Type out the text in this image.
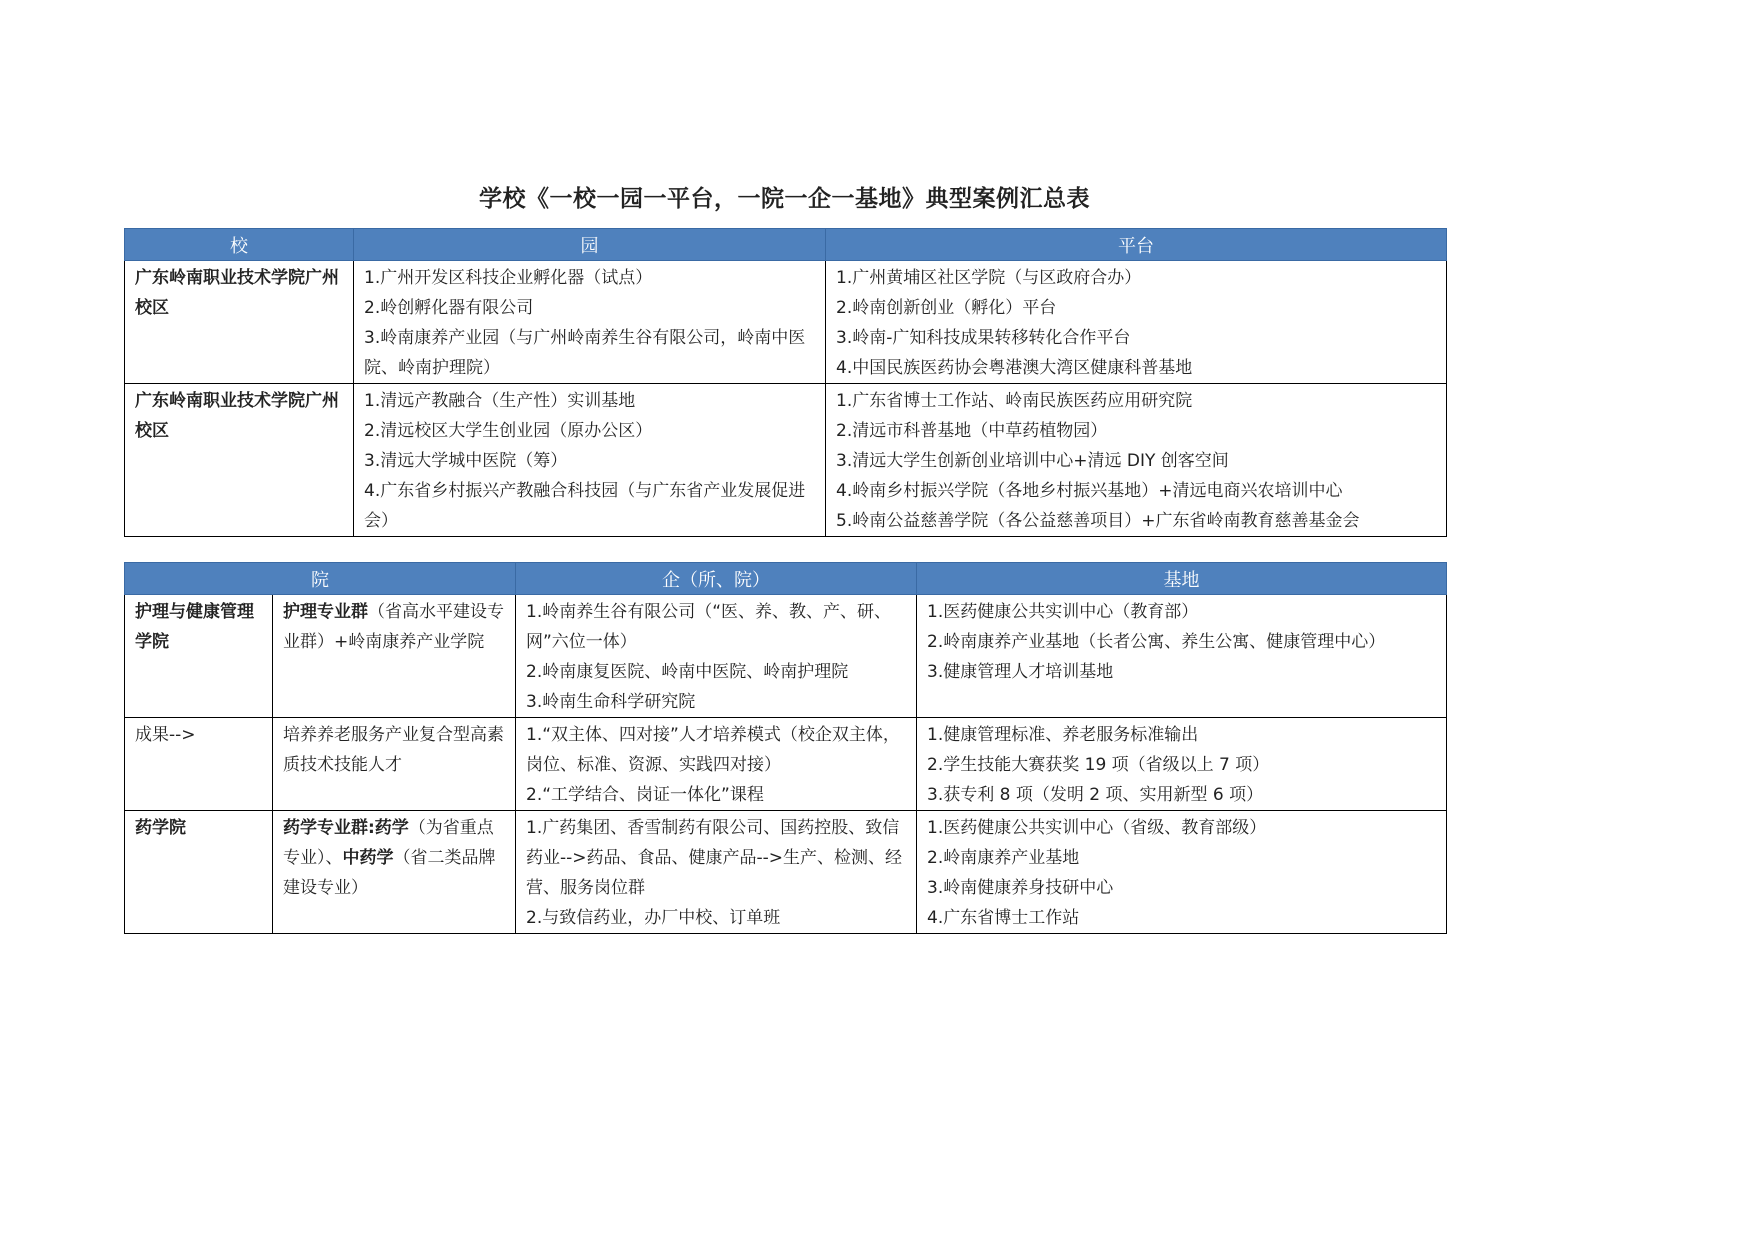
学校《一校一园一平台，一院一企一基地》典型案例汇总表
校	园	平台
广东岭南职业技术学院广州校区	1.广州开发区科技企业孵化器（试点）
2.岭创孵化器有限公司
3.岭南康养产业园（与广州岭南养生谷有限公司，岭南中医院、岭南护理院）	1.广州黄埔区社区学院（与区政府合办）
2.岭南创新创业（孵化）平台
3.岭南-广知科技成果转移转化合作平台
4.中国民族医药协会粤港澳大湾区健康科普基地

广东岭南职业技术学院广州校区	1.清远产教融合（生产性）实训基地
2.清远校区大学生创业园（原办公区）
3.清远大学城中医院（筹）
4.广东省乡村振兴产教融合科技园（与广东省产业发展促进会）	1.广东省博士工作站、岭南民族医药应用研究院
2.清远市科普基地（中草药植物园）
3.清远大学生创新创业培训中心+清远 DIY 创客空间
4.岭南乡村振兴学院（各地乡村振兴基地）+清远电商兴农培训中心
5.岭南公益慈善学院（各公益慈善项目）+广东省岭南教育慈善基金会
院		企（所、院）	基地
护理与健康管理学院	护理专业群（省高水平建设专业群）+岭南康养产业学院	1.岭南养生谷有限公司（“医、养、教、产、研、网”六位一体）
2.岭南康复医院、岭南中医院、岭南护理院
3.岭南生命科学研究院	1.医药健康公共实训中心（教育部）
2.岭南康养产业基地（长者公寓、养生公寓、健康管理中心）
3.健康管理人才培训基地

成果-->	培养养老服务产业复合型高素质技术技能人才	1.“双主体、四对接”人才培养模式（校企双主体，岗位、标准、资源、实践四对接）
2.“工学结合、岗证一体化”课程	1.健康管理标准、养老服务标准输出
2.学生技能大赛获奖 19 项（省级以上 7 项）
3.获专利 8 项（发明 2 项、实用新型 6 项）

药学院	药学专业群:药学（为省重点专业）、中药学（省二类品牌建设专业）	1.广药集团、香雪制药有限公司、国药控股、致信药业-->药品、食品、健康产品-->生产、检测、经营、服务岗位群
2.与致信药业，办厂中校、订单班	1.医药健康公共实训中心（省级、教育部级）
2.岭南康养产业基地
3.岭南健康养身技研中心
4.广东省博士工作站
